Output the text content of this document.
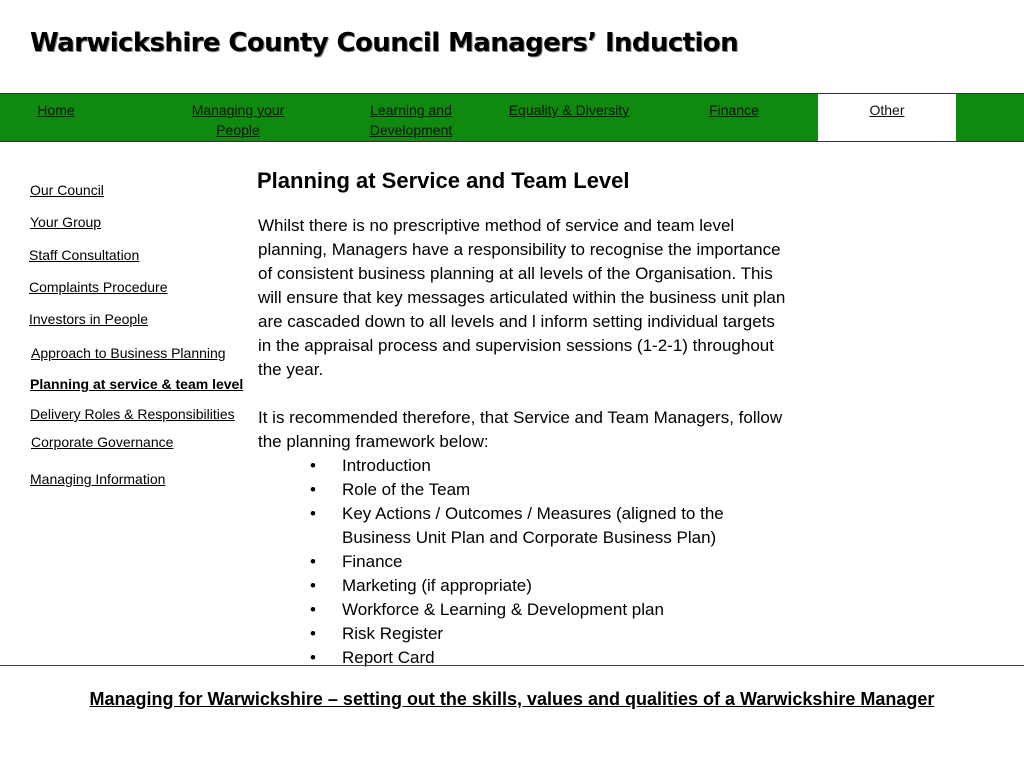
Warwickshire County Council Managers’ Induction
Home	Managing your People
Learning and Development
Equality & Diversity	Finance	Other
Our Council
Your Group
Staff Consultation
Complaints Procedure
Investors in People
Approach to Business Planning
Planning at service & team level
Delivery Roles & Responsibilities
Corporate Governance
Managing Information
Planning at Service and Team Level

Whilst there is no prescriptive method of service and team level planning, Managers have a responsibility to recognise the importance of consistent business planning at all levels of the Organisation. This will ensure that key messages articulated within the business unit plan are cascaded down to all levels and l inform setting individual targets in the appraisal process and supervision sessions (1-2-1) throughout the year.

It is recommended therefore, that Service and Team Managers, follow the planning framework below:

• Introduction
• Role of the Team
• Key Actions / Outcomes / Measures (aligned to the Business Unit Plan and Corporate Business Plan)
• Finance
• Marketing (if appropriate)
• Workforce & Learning & Development plan
• Risk Register
• Report Card
Managing for Warwickshire – setting out the skills, values and qualities of a Warwickshire Manager
